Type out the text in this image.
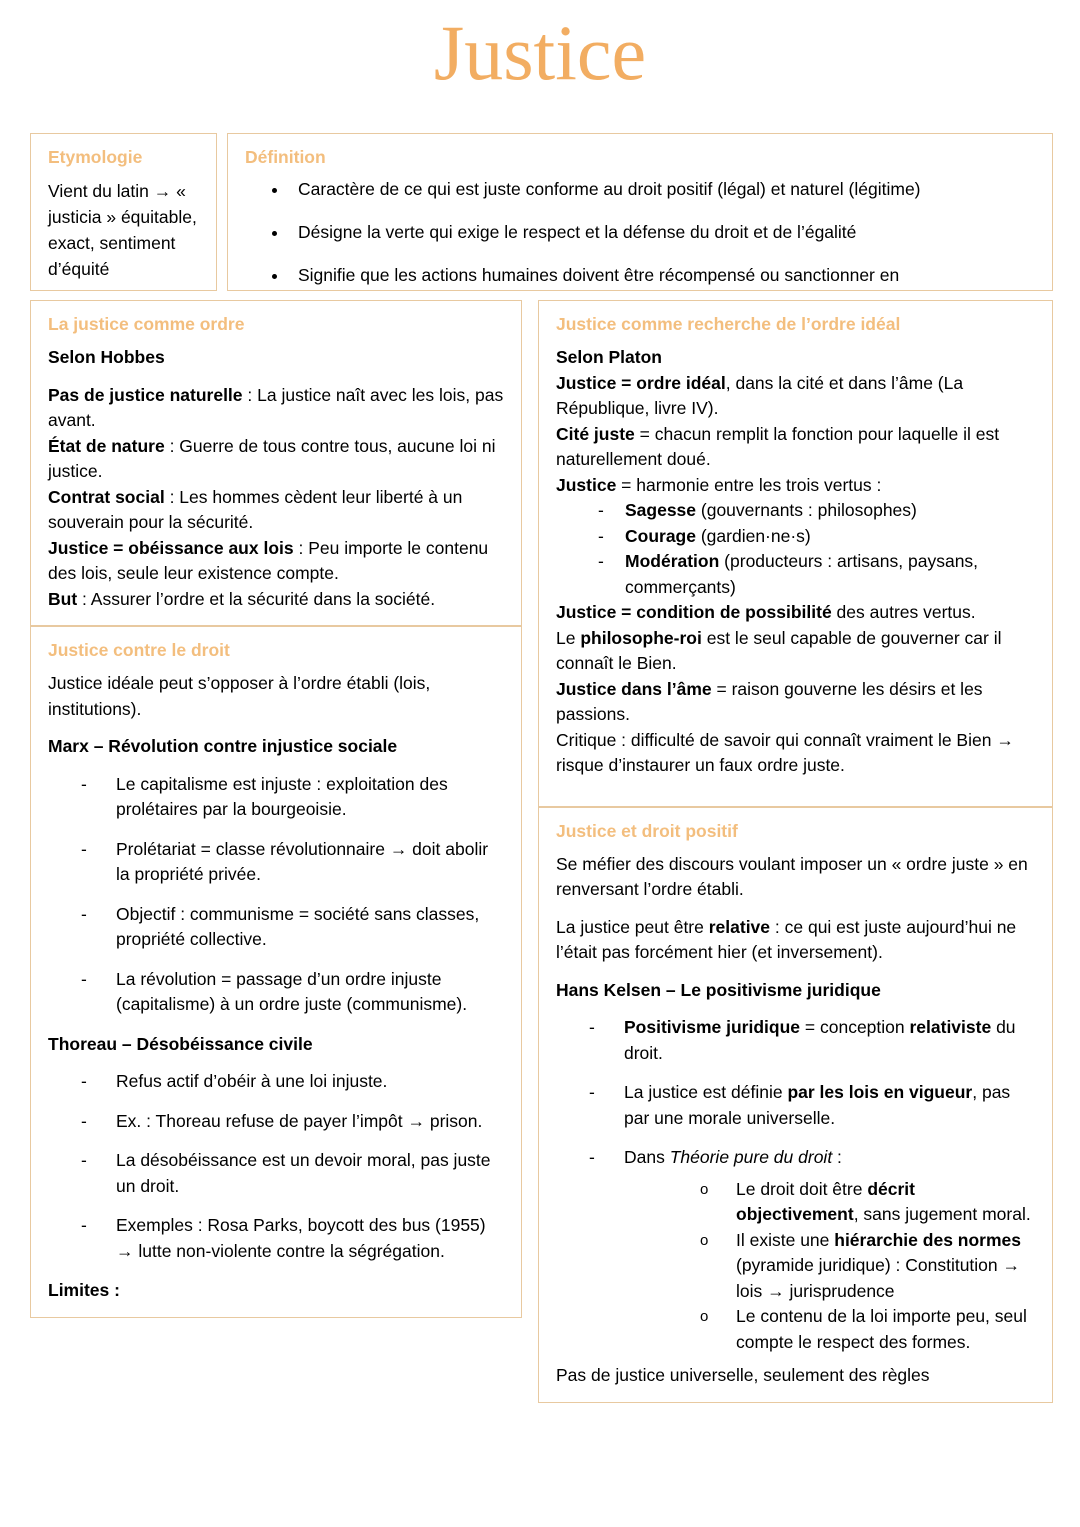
Justice
Etymologie
Vient du latin → « justicia » équitable, exact, sentiment d’équité
Définition
• Caractère de ce qui est juste conforme au droit positif (légal) et naturel (légitime)
• Désigne la verte qui exige le respect et la défense du droit et de l’égalité
• Signifie que les actions humaines doivent être récompensé ou sanctionner en
La justice comme ordre
Selon Hobbes
Pas de justice naturelle : La justice naît avec les lois, pas avant.
État de nature : Guerre de tous contre tous, aucune loi ni justice.
Contrat social : Les hommes cèdent leur liberté à un souverain pour la sécurité.
Justice = obéissance aux lois : Peu importe le contenu des lois, seule leur existence compte.
But : Assurer l’ordre et la sécurité dans la société.
Justice contre le droit
Justice idéale peut s’opposer à l’ordre établi (lois, institutions).
Marx – Révolution contre injustice sociale
- Le capitalisme est injuste : exploitation des prolétaires par la bourgeoisie.
- Prolétariat = classe révolutionnaire → doit abolir la propriété privée.
- Objectif : communisme = société sans classes, propriété collective.
- La révolution = passage d’un ordre injuste (capitalisme) à un ordre juste (communisme).
Thoreau – Désobéissance civile
- Refus actif d’obéir à une loi injuste.
- Ex. : Thoreau refuse de payer l’impôt → prison.
- La désobéissance est un devoir moral, pas juste un droit.
- Exemples : Rosa Parks, boycott des bus (1955) → lutte non-violente contre la ségrégation.
Limites :
Justice comme recherche de l’ordre idéal
Selon Platon
Justice = ordre idéal, dans la cité et dans l’âme (La République, livre IV).
Cité juste = chacun remplit la fonction pour laquelle il est naturellement doué.
Justice = harmonie entre les trois vertus :
- Sagesse (gouvernants : philosophes)
- Courage (gardien·ne·s)
- Modération (producteurs : artisans, paysans, commerçants)
Justice = condition de possibilité des autres vertus.
Le philosophe-roi est le seul capable de gouverner car il connaît le Bien.
Justice dans l’âme = raison gouverne les désirs et les passions.
Critique : difficulté de savoir qui connaît vraiment le Bien → risque d’instaurer un faux ordre juste.
Justice et droit positif
Se méfier des discours voulant imposer un « ordre juste » en renversant l’ordre établi.
La justice peut être relative : ce qui est juste aujourd’hui ne l’était pas forcément hier (et inversement).
Hans Kelsen – Le positivisme juridique
- Positivisme juridique = conception relativiste du droit.
- La justice est définie par les lois en vigueur, pas par une morale universelle.
- Dans Théorie pure du droit :
o Le droit doit être décrit objectivement, sans jugement moral.
o Il existe une hiérarchie des normes (pyramide juridique) : Constitution → lois → jurisprudence
o Le contenu de la loi importe peu, seul compte le respect des formes.
Pas de justice universelle, seulement des règles
